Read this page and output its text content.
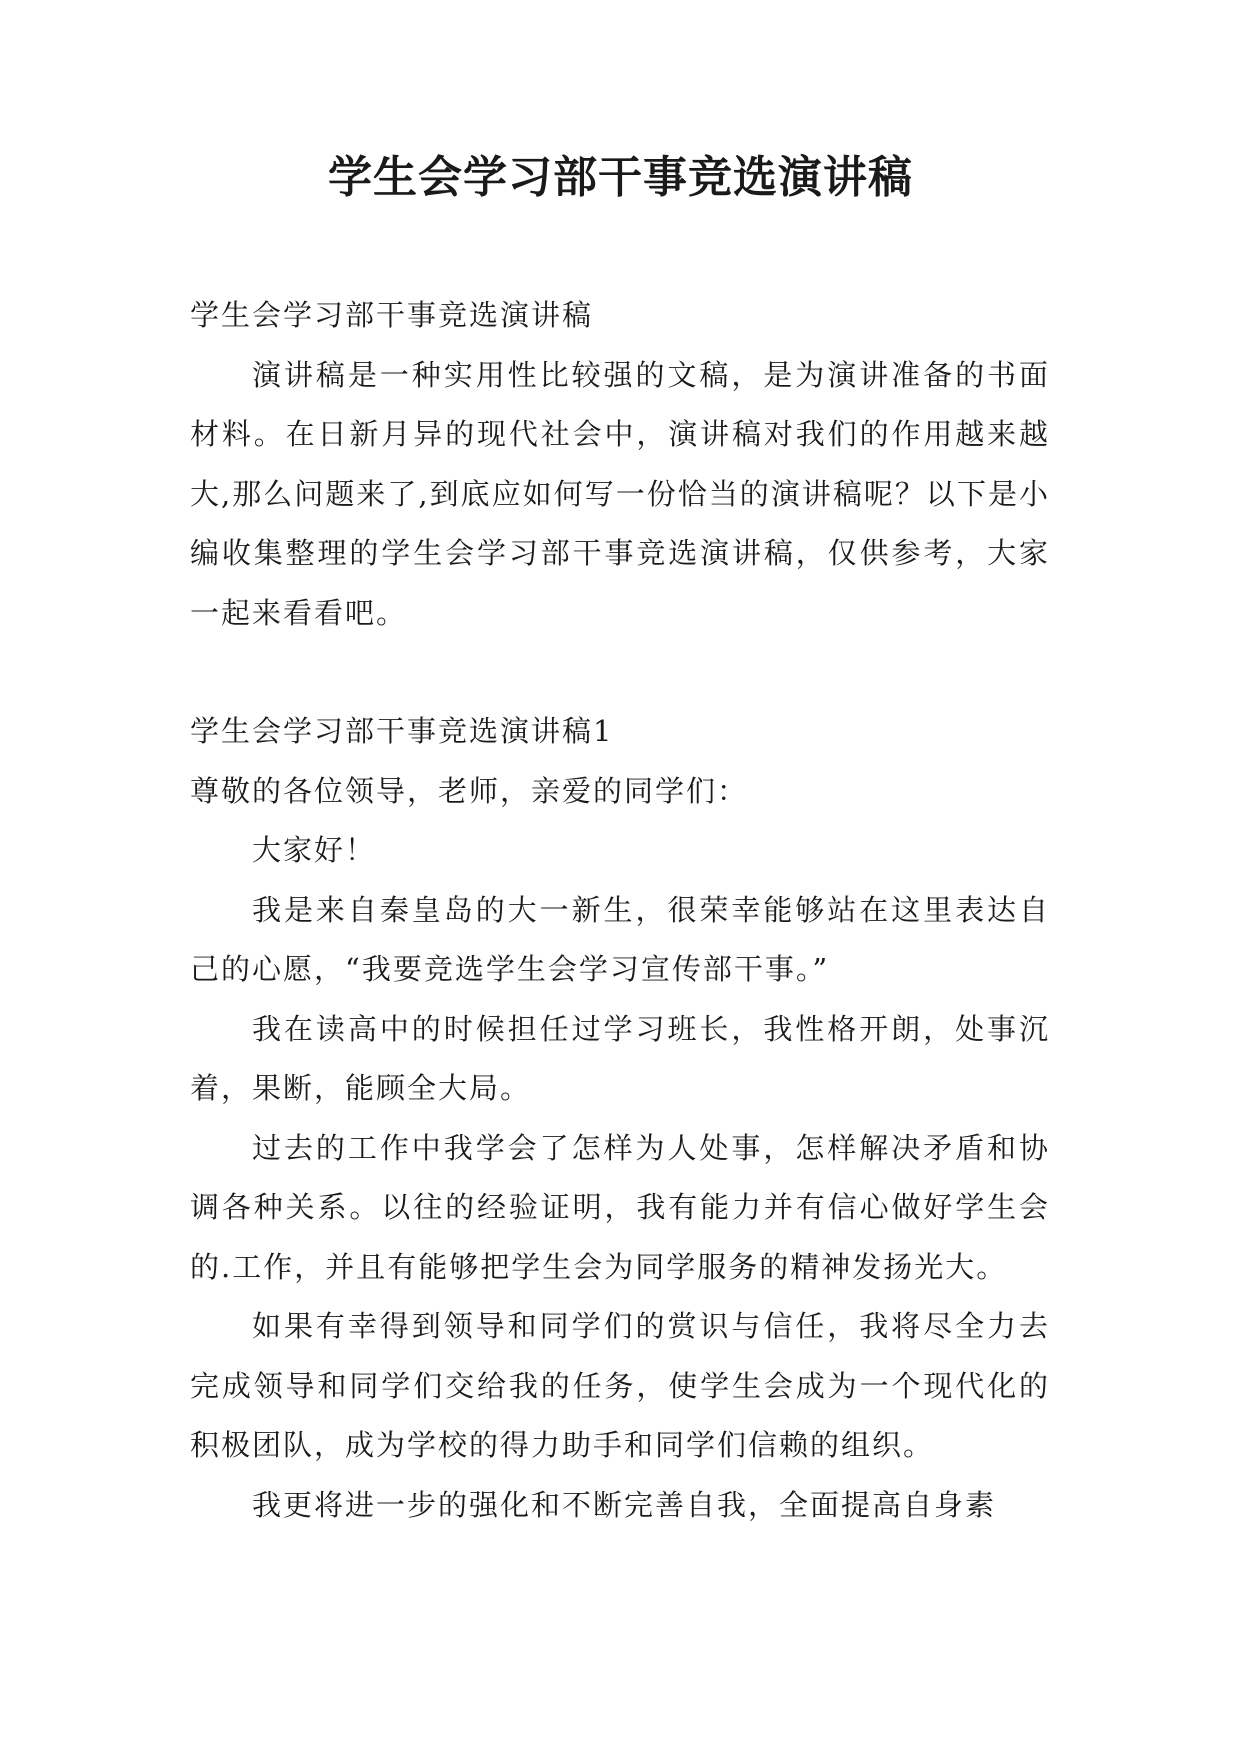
学生会学习部干事竞选演讲稿

学生会学习部干事竞选演讲稿

演讲稿是一种实用性比较强的文稿，是为演讲准备的书面材料。在日新月异的现代社会中，演讲稿对我们的作用越来越大,那么问题来了,到底应如何写一份恰当的演讲稿呢？以下是小编收集整理的学生会学习部干事竞选演讲稿，仅供参考，大家一起来看看吧。

学生会学习部干事竞选演讲稿1

尊敬的各位领导，老师，亲爱的同学们：

大家好！

我是来自秦皇岛的大一新生，很荣幸能够站在这里表达自己的心愿，“我要竞选学生会学习宣传部干事。”

我在读高中的时候担任过学习班长，我性格开朗，处事沉着，果断，能顾全大局。

过去的工作中我学会了怎样为人处事，怎样解决矛盾和协调各种关系。以往的经验证明，我有能力并有信心做好学生会的.工作，并且有能够把学生会为同学服务的精神发扬光大。

如果有幸得到领导和同学们的赏识与信任，我将尽全力去完成领导和同学们交给我的任务，使学生会成为一个现代化的积极团队，成为学校的得力助手和同学们信赖的组织。

我更将进一步的强化和不断完善自我，全面提高自身素
